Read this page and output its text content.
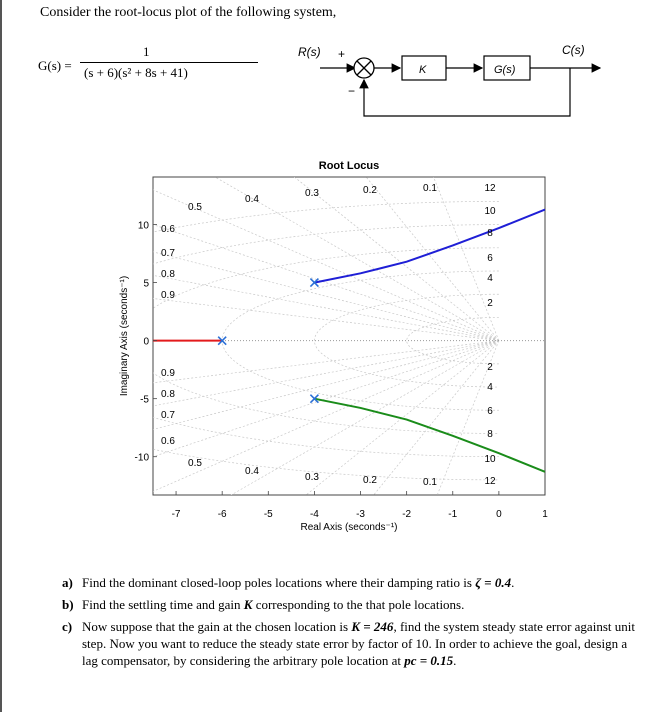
Consider the root-locus plot of the following system,
G(s) =
1
(s + 6)(s² + 8s + 41)
R(s) +
−
K	G(s)
C(s)
Root Locus
0.5
0.4
0.3	0.2	0.1
0.5
0.4
0.3	0.2	0.1
0.6
0.7
0.8
0.9
0.9
0.8
0.7
0.6
12
10
8
6
4
2
2
4
6
8
10
12
-7	-6	-5	-4	-3	-2	-1	0	1
10
5
0
-5
-10
Real Axis (seconds⁻¹)
Imaginary Axis (seconds⁻¹)
a) Find the dominant closed-loop poles locations where their damping ratio is ζ = 0.4.
b) Find the settling time and gain K corresponding to the that pole locations.
c) Now suppose that the gain at the chosen location is K = 246, find the system steady state error against unit step. Now you want to reduce the steady state error by factor of 10. In order to achieve the goal, design a lag compensator, by considering the arbitrary pole location at pc = 0.15.
